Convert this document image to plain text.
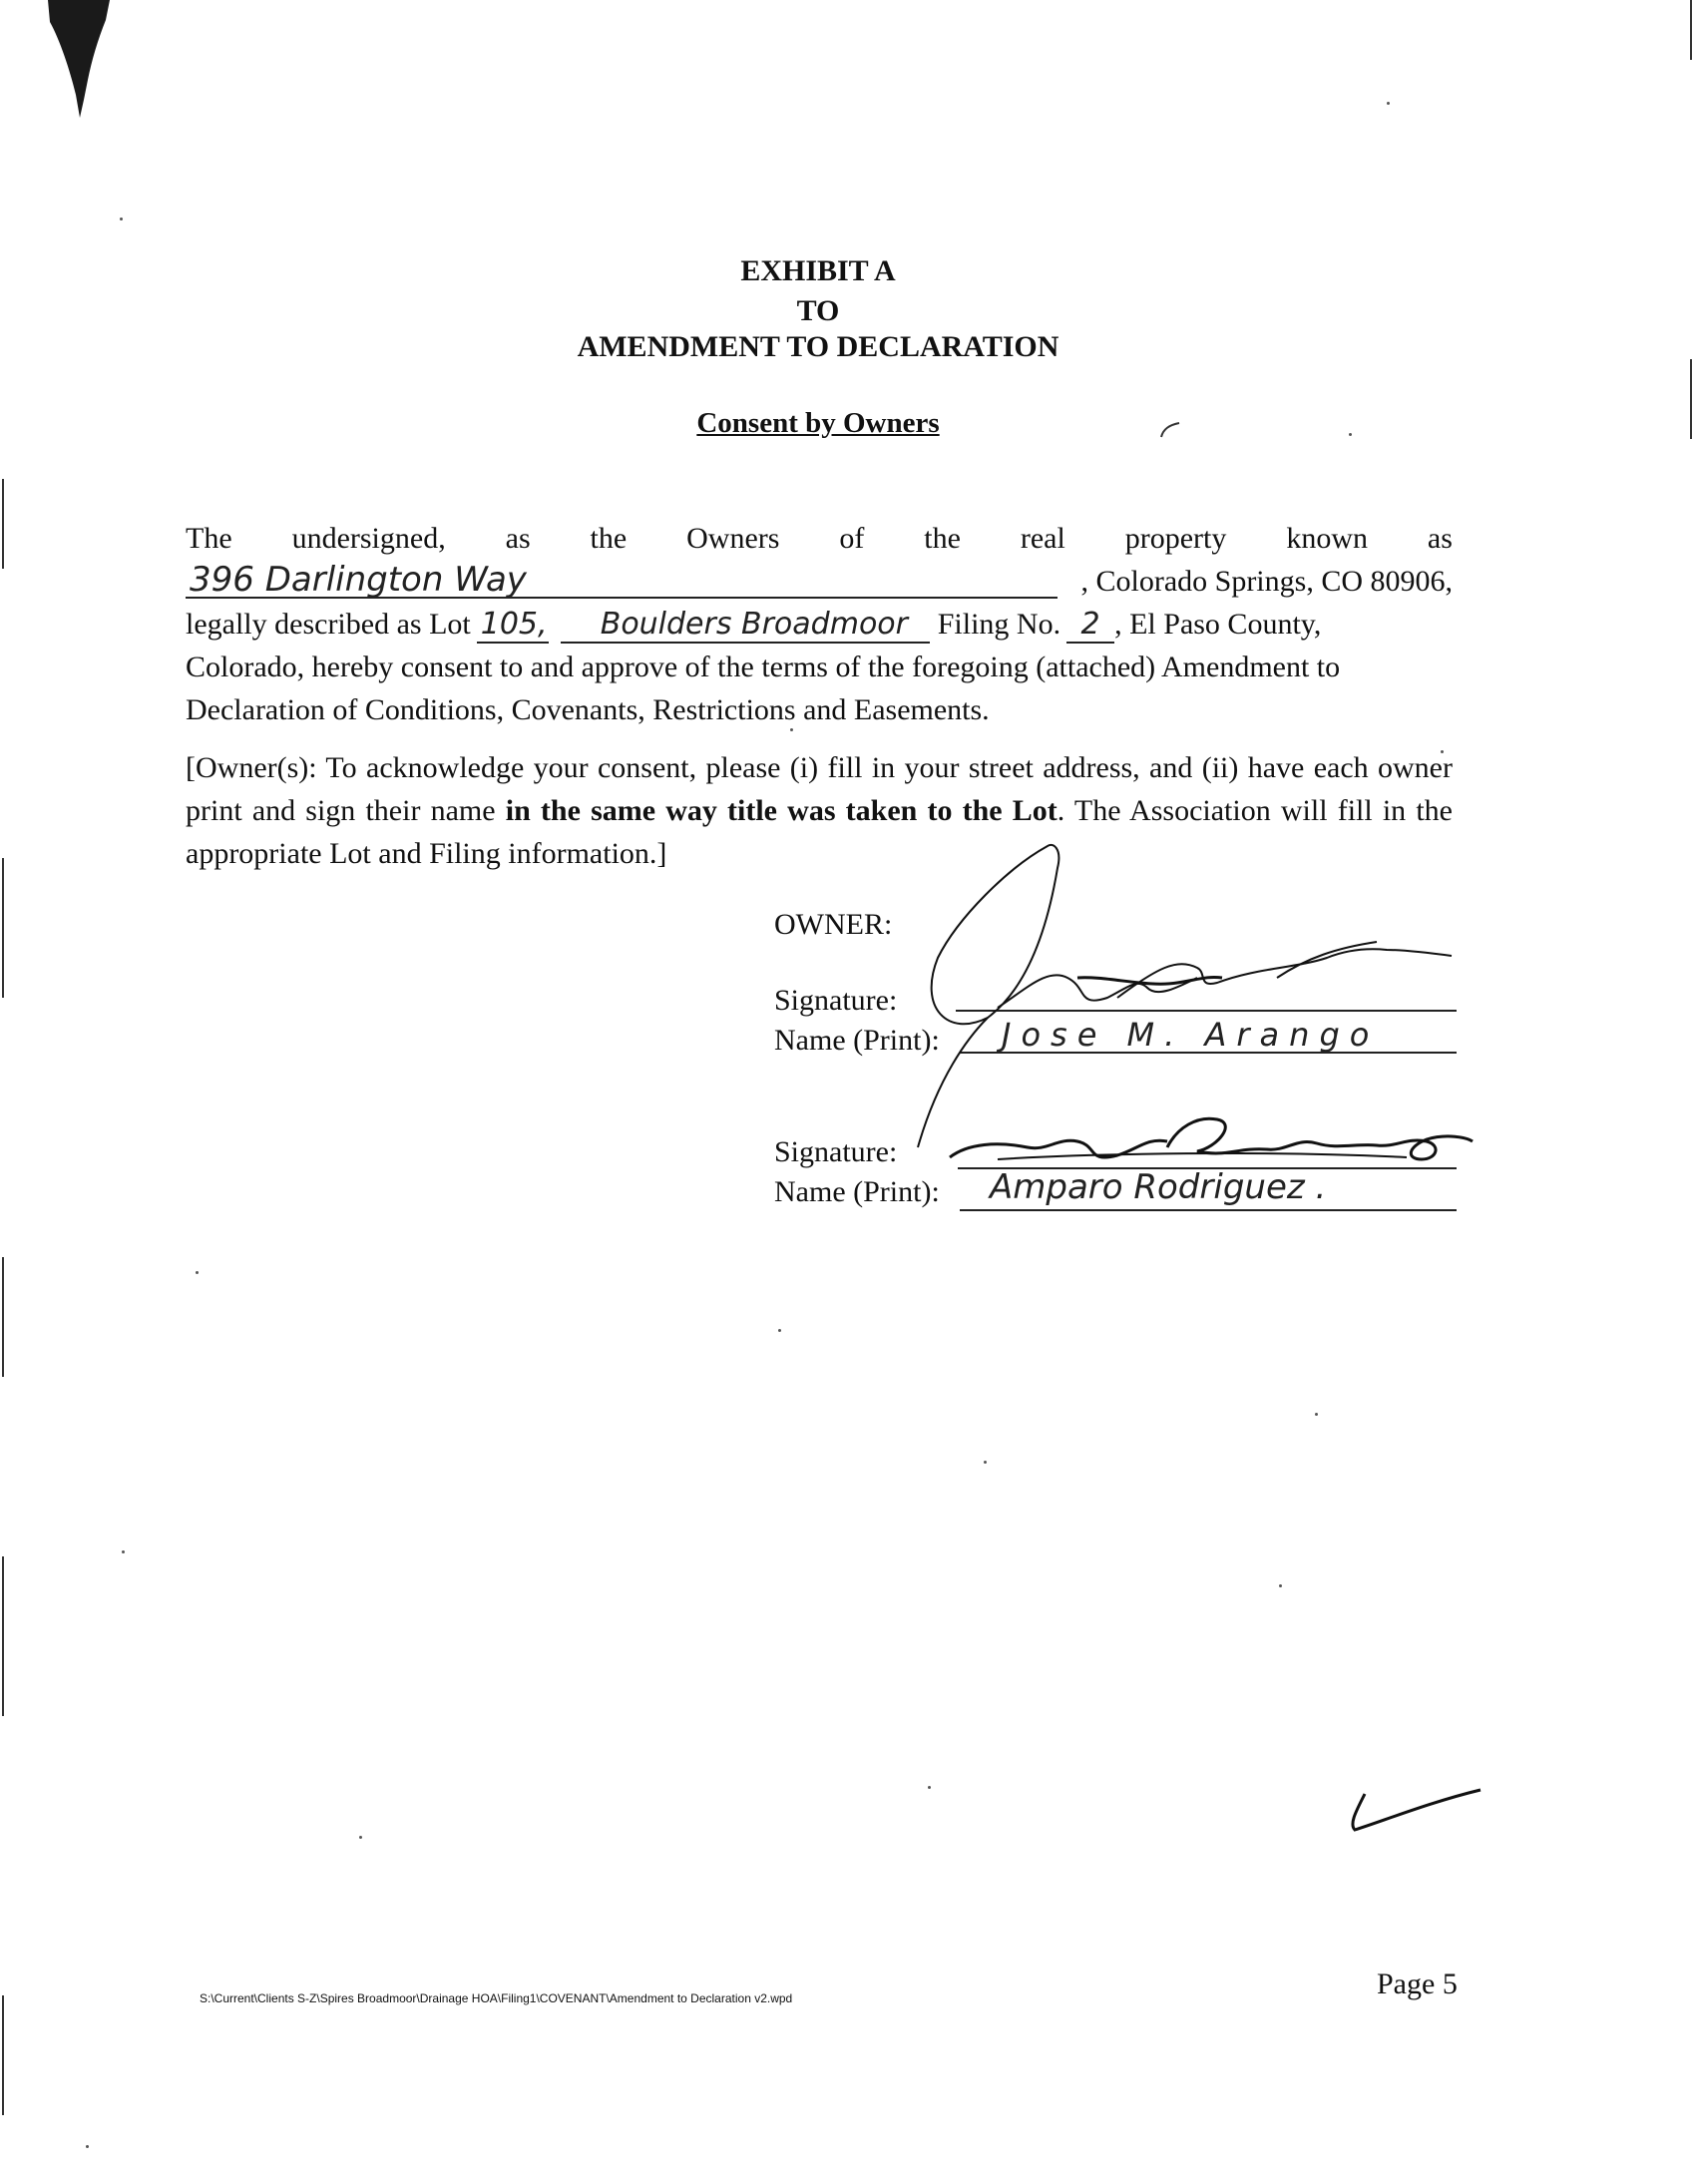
EXHIBIT A
TO
AMENDMENT TO DECLARATION
Consent by Owners
The undersigned, as the Owners of the real property known as
396 Darlington Way	, Colorado Springs, CO 80906,
legally described as Lot 105,	Boulders Broadmoor Filing No. 2 , El Paso County,
Colorado, hereby consent to and approve of the terms of the foregoing (attached) Amendment to
Declaration of Conditions, Covenants, Restrictions and Easements.
[Owner(s): To acknowledge your consent, please (i) fill in your street address, and (ii) have each owner print and sign their name in the same way title was taken to the Lot. The Association will fill in the appropriate Lot and Filing information.]
OWNER:
Signature:
Name (Print): Jose M. Arango
Signature:
Name (Print): Amparo Rodriguez .
S:\Current\Clients S-Z\Spires Broadmoor\Drainage HOA\Filing1\COVENANT\Amendment to Declaration v2.wpd	Page 5
